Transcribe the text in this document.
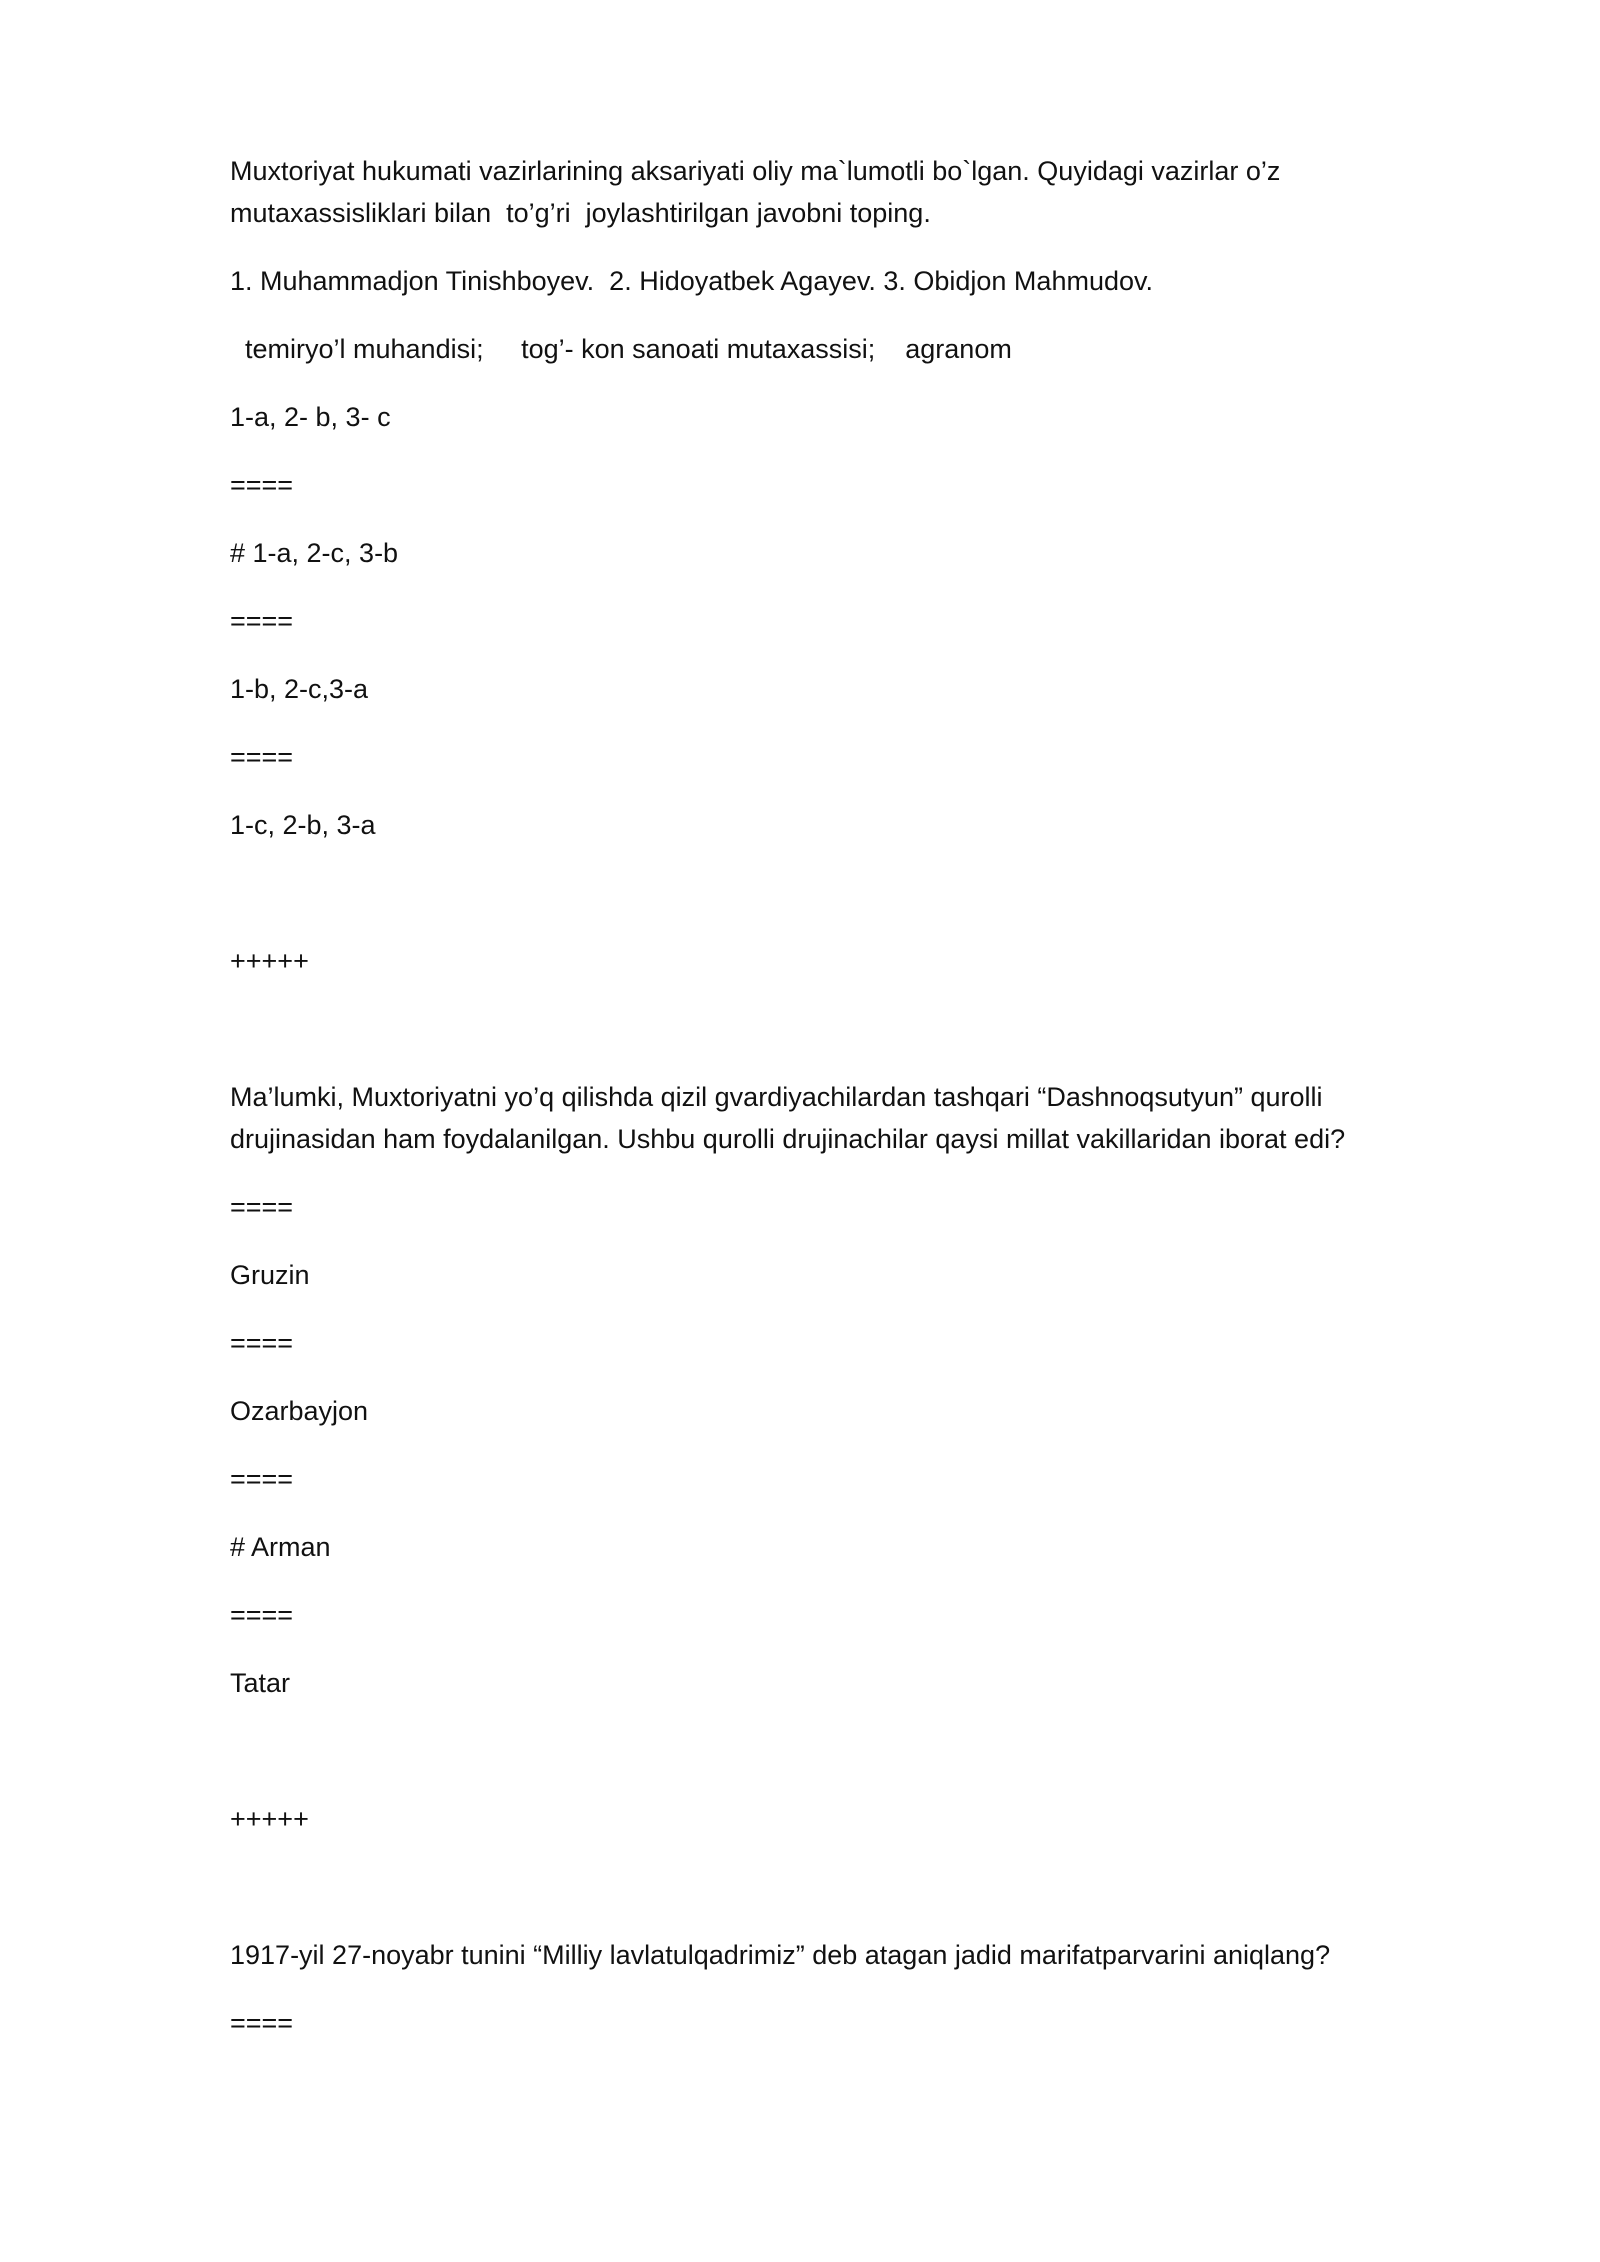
Muxtoriyat hukumati vazirlarining aksariyati oliy ma`lumotli bo`lgan. Quyidagi vazirlar o’z mutaxassisliklari bilan  to’g’ri  joylashtirilgan javobni toping.

1. Muhammadjon Tinishboyev.  2. Hidoyatbek Agayev. 3. Obidjon Mahmudov.

temiryo’l muhandisi;     tog’- kon sanoati mutaxassisi;    agranom

1-a, 2- b, 3- c

====

# 1-a, 2-c, 3-b

====

1-b, 2-c,3-a

====

1-c, 2-b, 3-a

+++++

Ma’lumki, Muxtoriyatni yo’q qilishda qizil gvardiyachilardan tashqari “Dashnoqsutyun” qurolli drujinasidan ham foydalanilgan. Ushbu qurolli drujinachilar qaysi millat vakillaridan iborat edi?

====

Gruzin

====

Ozarbayjon

====

# Arman

====

Tatar

+++++

1917-yil 27-noyabr tunini “Milliy lavlatulqadrimiz” deb atagan jadid marifatparvarini aniqlang?

====
